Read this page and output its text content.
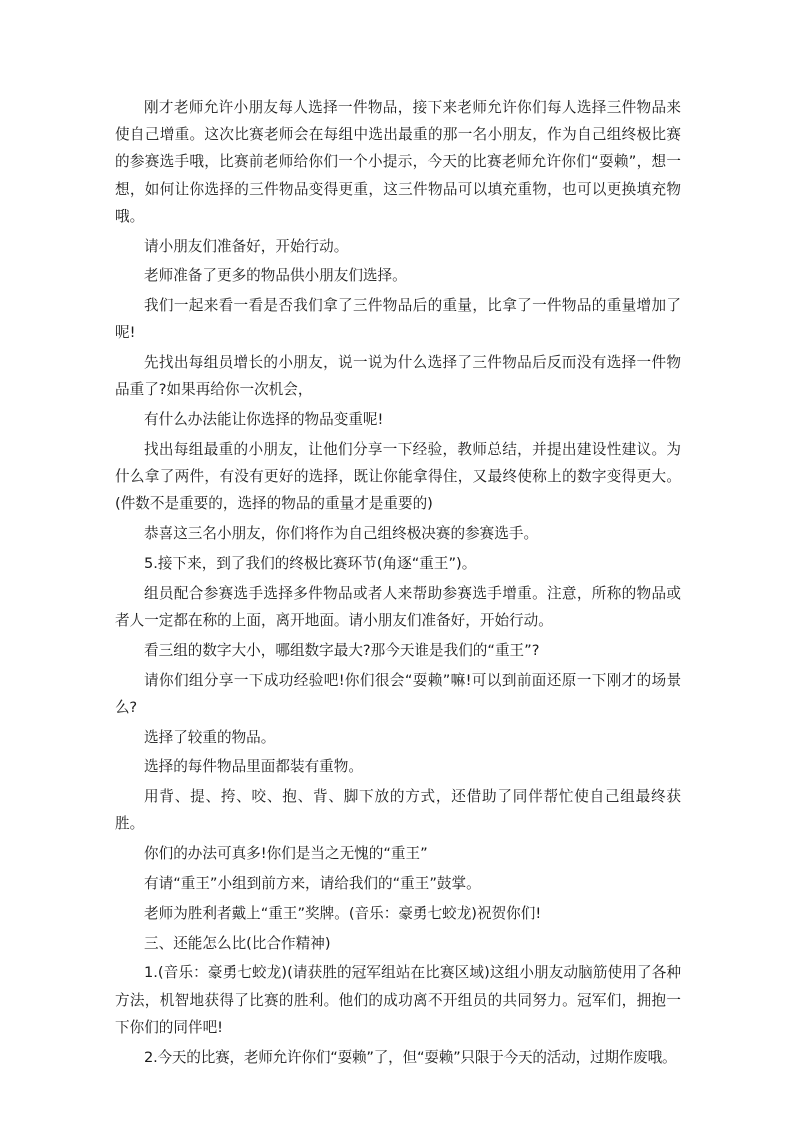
刚才老师允许小朋友每人选择一件物品，接下来老师允许你们每人选择三件物品来使自己增重。这次比赛老师会在每组中选出最重的那一名小朋友，作为自己组终极比赛的参赛选手哦，比赛前老师给你们一个小提示，今天的比赛老师允许你们“耍赖”，想一想，如何让你选择的三件物品变得更重，这三件物品可以填充重物，也可以更换填充物哦。

请小朋友们准备好，开始行动。

老师准备了更多的物品供小朋友们选择。

我们一起来看一看是否我们拿了三件物品后的重量，比拿了一件物品的重量增加了呢!

先找出每组员增长的小朋友，说一说为什么选择了三件物品后反而没有选择一件物品重了?如果再给你一次机会，

有什么办法能让你选择的物品变重呢!

找出每组最重的小朋友，让他们分享一下经验，教师总结，并提出建设性建议。为什么拿了两件，有没有更好的选择，既让你能拿得住，又最终使称上的数字变得更大。(件数不是重要的，选择的物品的重量才是重要的)

恭喜这三名小朋友，你们将作为自己组终极决赛的参赛选手。

5.接下来，到了我们的终极比赛环节(角逐“重王”)。

组员配合参赛选手选择多件物品或者人来帮助参赛选手增重。注意，所称的物品或者人一定都在称的上面，离开地面。请小朋友们准备好，开始行动。

看三组的数字大小，哪组数字最大?那今天谁是我们的“重王”?

请你们组分享一下成功经验吧!你们很会“耍赖”嘛!可以到前面还原一下刚才的场景么?

选择了较重的物品。

选择的每件物品里面都装有重物。

用背、提、挎、咬、抱、背、脚下放的方式，还借助了同伴帮忙使自己组最终获胜。

你们的办法可真多!你们是当之无愧的“重王”

有请“重王”小组到前方来，请给我们的“重王”鼓掌。

老师为胜利者戴上“重王”奖牌。(音乐：豪勇七蛟龙)祝贺你们!

三、还能怎么比(比合作精神)

1.(音乐：豪勇七蛟龙)(请获胜的冠军组站在比赛区域)这组小朋友动脑筋使用了各种方法，机智地获得了比赛的胜利。他们的成功离不开组员的共同努力。冠军们，拥抱一下你们的同伴吧!

2.今天的比赛，老师允许你们“耍赖”了，但“耍赖”只限于今天的活动，过期作废哦。
